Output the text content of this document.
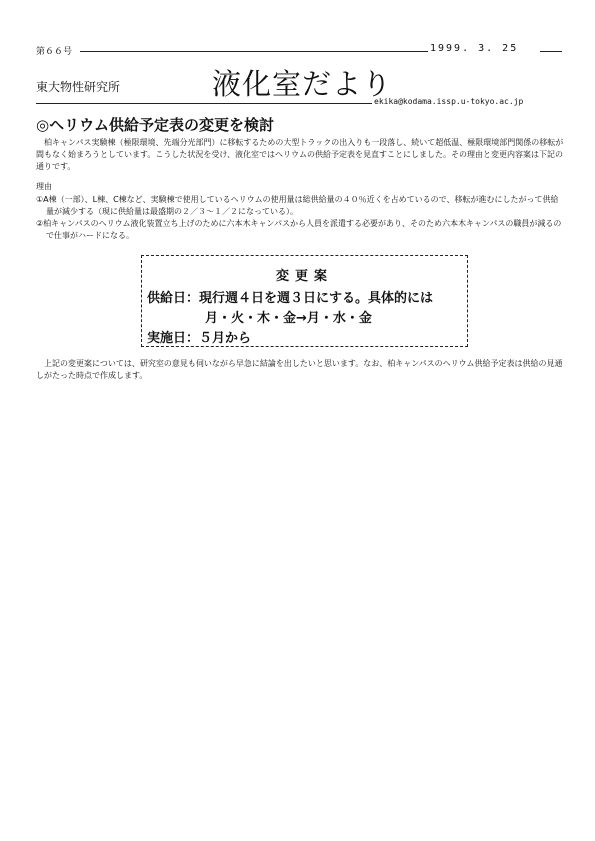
第６６号	1999. 3. 25
東大物性研究所	液化室だより
ekika@kodama.issp.u-tokyo.ac.jp
◎ヘリウム供給予定表の変更を検討
　柏キャンパス実験棟（極限環境、先端分光部門）に移転するための大型トラックの出入りも一段落し、続いて超低温、極限環境部門関係の移転が間もなく始まろうとしています。こうした状況を受け、液化室ではヘリウムの供給予定表を見直すことにしました。その理由と変更内容案は下記の通りです。
理由

①A棟（一部）、L棟、C棟など、実験棟で使用しているヘリウムの使用量は総供給量の４０％近くを占めているので、移転が進むにしたがって供給量が減少する（現に供給量は最盛期の２／３〜１／２になっている）。

②柏キャンパスのヘリウム液化装置立ち上げのために六本木キャンパスから人員を派遣する必要があり、そのため六本木キャンパスの職員が減るので仕事がハードになる。

変更案
供給日：現行週４日を週３日にする。具体的には
月・火・木・金→月・水・金
実施日：５月から
　上記の変更案については、研究室の意見も伺いながら早急に結論を出したいと思います。なお、柏キャンパスのヘリウム供給予定表は供給の見通しがたった時点で作成します。
